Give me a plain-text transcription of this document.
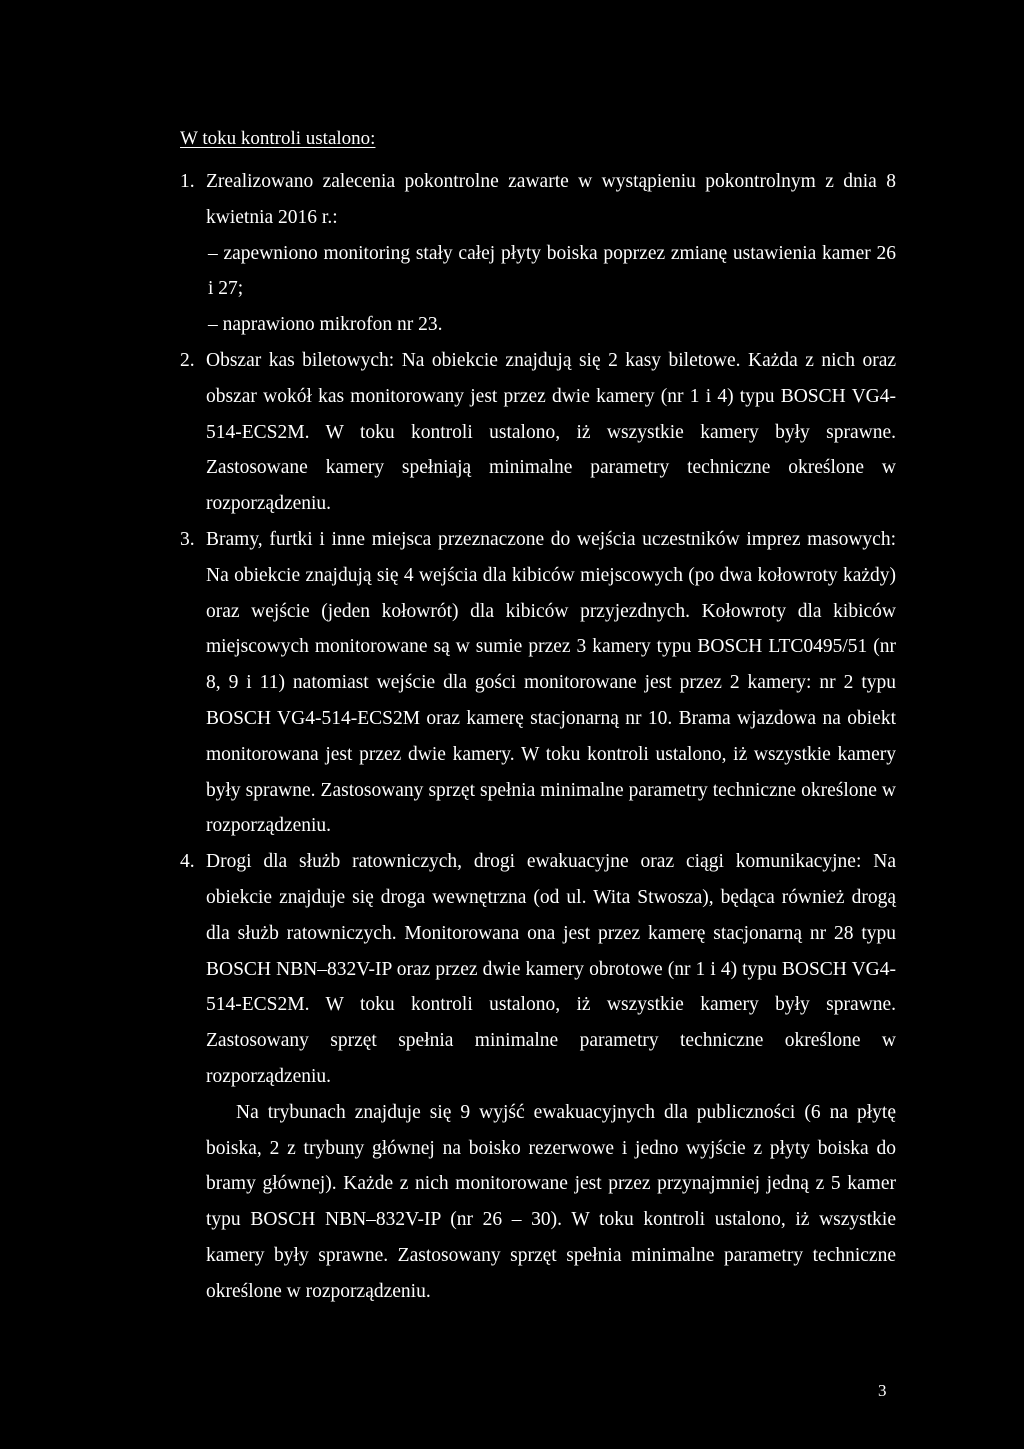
W toku kontroli ustalono:
1. Zrealizowano zalecenia pokontrolne zawarte w wystąpieniu pokontrolnym z dnia 8 kwietnia 2016 r.:
– zapewniono monitoring stały całej płyty boiska poprzez zmianę ustawienia kamer 26 i 27;
– naprawiono mikrofon nr 23.
2. Obszar kas biletowych: Na obiekcie znajdują się 2 kasy biletowe. Każda z nich oraz obszar wokół kas monitorowany jest przez dwie kamery (nr 1 i 4) typu BOSCH VG4-514-ECS2M. W toku kontroli ustalono, iż wszystkie kamery były sprawne. Zastosowane kamery spełniają minimalne parametry techniczne określone w rozporządzeniu.
3. Bramy, furtki i inne miejsca przeznaczone do wejścia uczestników imprez masowych: Na obiekcie znajdują się 4 wejścia dla kibiców miejscowych (po dwa kołowroty każdy) oraz wejście (jeden kołowrót) dla kibiców przyjezdnych. Kołowroty dla kibiców miejscowych monitorowane są w sumie przez 3 kamery typu BOSCH LTC0495/51 (nr 8, 9 i 11) natomiast wejście dla gości monitorowane jest przez 2 kamery: nr 2 typu BOSCH VG4-514-ECS2M oraz kamerę stacjonarną nr 10. Brama wjazdowa na obiekt monitorowana jest przez dwie kamery. W toku kontroli ustalono, iż wszystkie kamery były sprawne. Zastosowany sprzęt spełnia minimalne parametry techniczne określone w rozporządzeniu.
4. Drogi dla służb ratowniczych, drogi ewakuacyjne oraz ciągi komunikacyjne: Na obiekcie znajduje się droga wewnętrzna (od ul. Wita Stwosza), będąca również drogą dla służb ratowniczych. Monitorowana ona jest przez kamerę stacjonarną nr 28 typu BOSCH NBN–832V-IP oraz przez dwie kamery obrotowe (nr 1 i 4) typu BOSCH VG4-514-ECS2M. W toku kontroli ustalono, iż wszystkie kamery były sprawne. Zastosowany sprzęt spełnia minimalne parametry techniczne określone w rozporządzeniu.
Na trybunach znajduje się 9 wyjść ewakuacyjnych dla publiczności (6 na płytę boiska, 2 z trybuny głównej na boisko rezerwowe i jedno wyjście z płyty boiska do bramy głównej). Każde z nich monitorowane jest przez przynajmniej jedną z 5 kamer typu BOSCH NBN–832V-IP (nr 26 – 30). W toku kontroli ustalono, iż wszystkie kamery były sprawne. Zastosowany sprzęt spełnia minimalne parametry techniczne określone w rozporządzeniu.
3
